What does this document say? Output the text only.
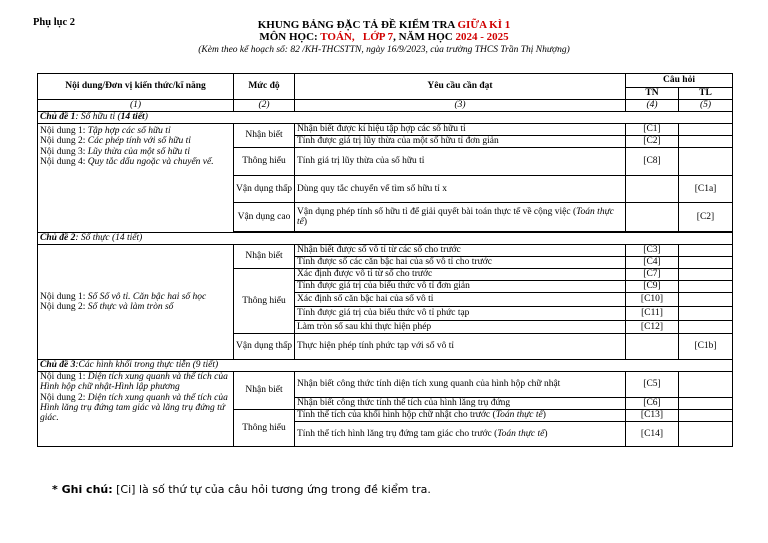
Phụ lục 2	KHUNG BẢNG ĐẶC TẢ ĐỀ KIỂM TRA GIỮA KÌ 1
MÔN HỌC: TOÁN, LỚP 7, NĂM HỌC 2024 - 2025
(Kèm theo kế hoạch số: 82 /KH-THCSTTN, ngày 16/9/2023, của trường THCS Trần Thị Nhượng)
Nội dung/Đơn vị kiến thức/kĩ năng	Mức độ	Yêu cầu cần đạt	Câu hỏi	
			TN	TL
(1)	(2)	(3)	(4)	(5)
Chủ đề 1: Số hữu tỉ (14 tiết)				

Nội dung 1: Tập hợp các số hữu tỉ
Nội dung 2: Các phép tính với số hữu tỉ
Nội dung 3: Lũy thừa của một số hữu tỉ
Nội dung 4: Quy tắc dấu ngoặc và chuyển vế.	Nhận biết	Nhận biết được kí hiệu tập hợp các số hữu tỉ	[C1]	
		Tính được giá trị lũy thừa của một số hữu tỉ đơn giản	[C2]	
	Thông hiểu	Tính giá trị lũy thừa của số hữu tỉ	[C8]	
	Vận dụng thấp	Dùng quy tắc chuyển vế tìm số hữu tỉ x		[C1a]
	Vận dụng cao	Vận dụng phép tính số hữu tỉ để giải quyết bài toán thực tế về cộng việc (Toán thực tế)		[C2]

Chủ đề 2: Số thực (14 tiết)				

Nội dung 1: Số Số vô tỉ. Căn bậc hai số học
Nội dung 2: Số thực và làm tròn số	Nhận biết	Nhận biết được số vô tỉ từ các số cho trước	[C3]	
		Tính được số các căn bậc hai của số vô tỉ cho trước	[C4]	
	Thông hiểu	Xác định được vô tỉ từ số cho trước	[C7]	
		Tính được giá trị của biểu thức vô tỉ đơn giản	[C9]	
		Xác định số căn bậc hai của số vô tỉ	[C10]	
		Tính được giá trị của biểu thức vô tỉ phức tạp	[C11]	
		Làm tròn số sau khi thực hiện phép	[C12]	
	Vận dụng thấp	Thực hiện phép tính phức tạp với số vô tỉ		[C1b]
Chủ đề 3:Các hình khối trong thực tiễn (9 tiết)				

Nội dung 1: Diện tích xung quanh và thể tích của Hình hộp chữ nhật-Hình lập phương
Nội dung 2: Diện tích xung quanh và thể tích của Hình lăng trụ đứng tam giác và lăng trụ đứng tứ giác.	Nhận biết	Nhận biết công thức tính diện tích xung quanh của hình hộp chữ nhật	[C5]	
		Nhận biết công thức tính thể tích của hình lăng trụ đứng	[C6]	
	Thông hiểu	Tính thể tích của khối hình hộp chữ nhật cho trước (Toán thực tế)	[C13]	
		Tính thể tích hình lăng trụ đứng tam giác cho trước (Toán thực tế)	[C14]	
* Ghi chú: [Ci] là số thứ tự của câu hỏi tương ứng trong đề kiểm tra.
